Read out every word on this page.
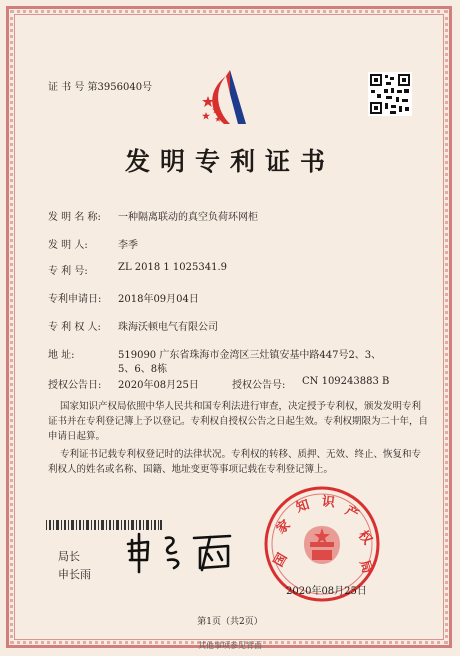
证 书 号 第3956040号
发明专利证书
发 明 名 称: 一种隔离联动的真空负荷环网柜
发 明 人:	李季
专 利 号:	ZL 2018 1 1025341.9
专利申请日: 2018年09月04日
专 利 权 人: 珠海沃顿电气有限公司
地 址:	519090 广东省珠海市金湾区三灶镇安基中路447号2、3、
5、6、8栋
授权公告日: 2020年08月25日	授权公告号: CN 109243883 B
国家知识产权局依照中华人民共和国专利法进行审查，决定授予专利权，颁发发明专利
证书并在专利登记簿上予以登记。专利权自授权公告之日起生效。专利权期限为二十年，自
申请日起算。
专利证书记载专利权登记时的法律状况。专利权的转移、质押、无效、终止、恢复和专
利权人的姓名或名称、国籍、地址变更等事项记载在专利登记簿上。
局长
申长雨
国
家
知 识
产
权
局
2020年08月25日
第1页（共2页）
其他事项参见背面
